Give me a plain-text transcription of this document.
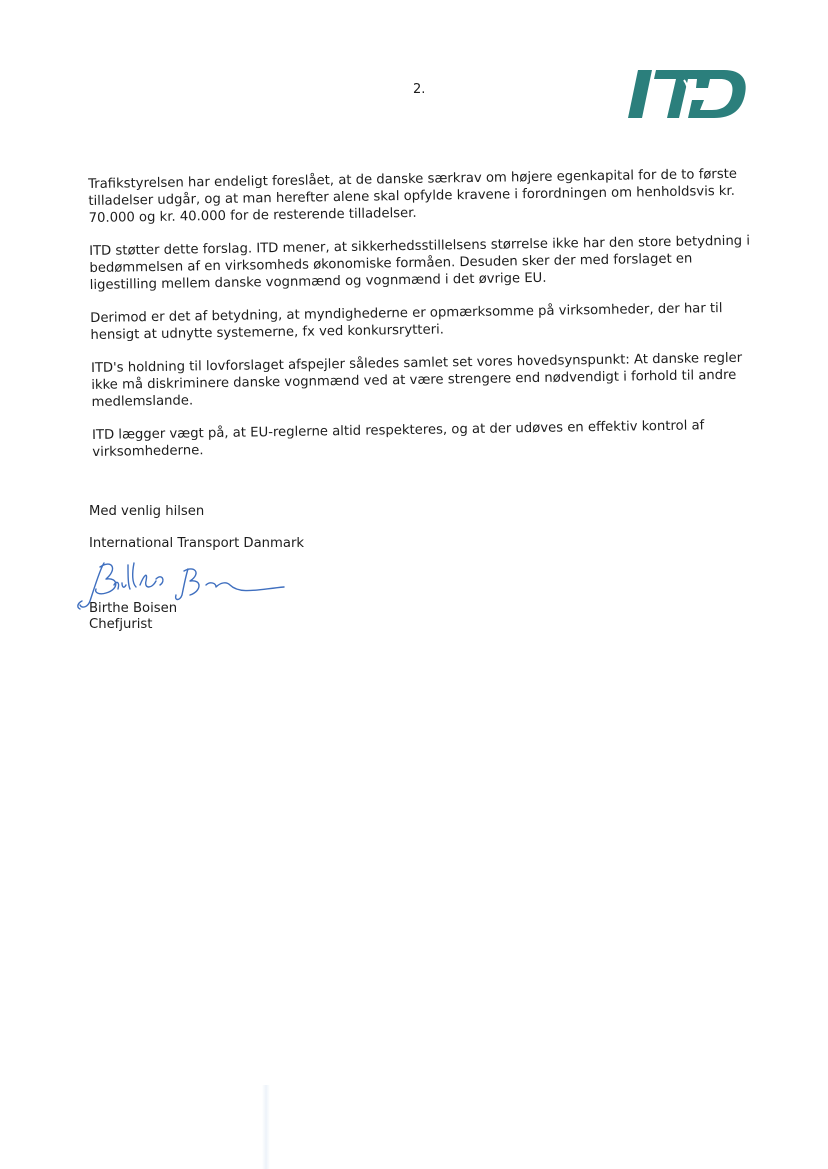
2.

Trafikstyrelsen har endeligt foreslået, at de danske særkrav om højere egenkapital for de to første tilladelser udgår, og at man herefter alene skal opfylde kravene i forordningen om henholdsvis kr. 70.000 og kr. 40.000 for de resterende tilladelser.

ITD støtter dette forslag. ITD mener, at sikkerhedsstillelsens størrelse ikke har den store betydning i bedømmelsen af en virksomheds økonomiske formåen. Desuden sker der med forslaget en ligestilling mellem danske vognmænd og vognmænd i det øvrige EU.

Derimod er det af betydning, at myndighederne er opmærksomme på virksomheder, der har til hensigt at udnytte systemerne, fx ved konkursrytteri.

ITD's holdning til lovforslaget afspejler således samlet set vores hovedsynspunkt: At danske regler ikke må diskriminere danske vognmænd ved at være strengere end nødvendigt i forhold til andre medlemslande.

ITD lægger vægt på, at EU-reglerne altid respekteres, og at der udøves en effektiv kontrol af virksomhederne.

Med venlig hilsen
International Transport Danmark
Birthe Boisen
Chefjurist
